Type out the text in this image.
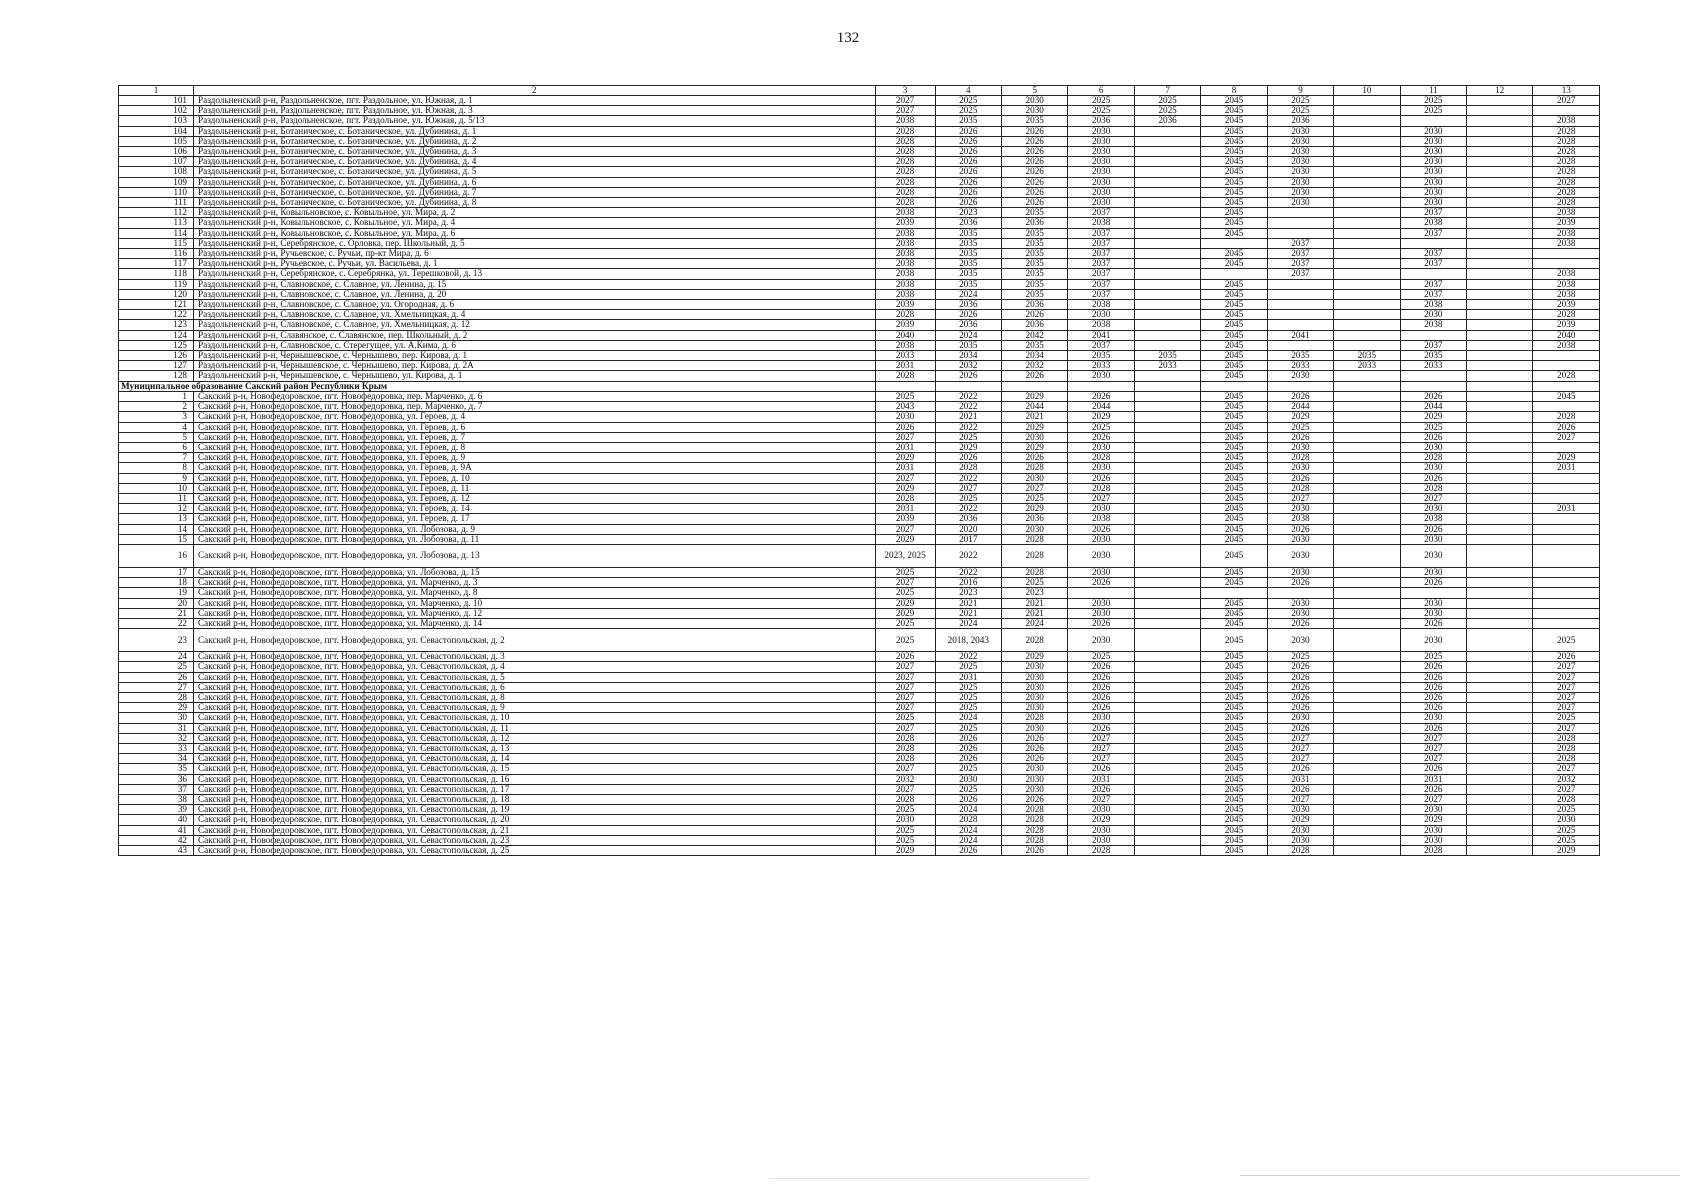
132
1	2	3	4	5	6	7	8	9	10	11	12	13
101	Раздольненский р-н, Раздольненское, пгт. Раздольное, ул. Южная, д. 1	2027	2025	2030	2025	2025	2045	2025		2025		2027
102	Раздольненский р-н, Раздольненское, пгт. Раздольное, ул. Южная, д. 3	2027	2025	2030	2025	2025	2045	2025		2025		
103	Раздольненский р-н, Раздольненское, пгт. Раздольное, ул. Южная, д. 5/13	2038	2035	2035	2036	2036	2045	2036				2038
104	Раздольненский р-н, Ботаническое, с. Ботаническое, ул. Дубинина, д. 1	2028	2026	2026	2030		2045	2030		2030		2028
105	Раздольненский р-н, Ботаническое, с. Ботаническое, ул. Дубинина, д. 2	2028	2026	2026	2030		2045	2030		2030		2028
106	Раздольненский р-н, Ботаническое, с. Ботаническое, ул. Дубинина, д. 3	2028	2026	2026	2030		2045	2030		2030		2028
107	Раздольненский р-н, Ботаническое, с. Ботаническое, ул. Дубинина, д. 4	2028	2026	2026	2030		2045	2030		2030		2028
108	Раздольненский р-н, Ботаническое, с. Ботаническое, ул. Дубинина, д. 5	2028	2026	2026	2030		2045	2030		2030		2028
109	Раздольненский р-н, Ботаническое, с. Ботаническое, ул. Дубинина, д. 6	2028	2026	2026	2030		2045	2030		2030		2028
110	Раздольненский р-н, Ботаническое, с. Ботаническое, ул. Дубинина, д. 7	2028	2026	2026	2030		2045	2030		2030		2028
111	Раздольненский р-н, Ботаническое, с. Ботаническое, ул. Дубинина, д. 8	2028	2026	2026	2030		2045	2030		2030		2028
112	Раздольненский р-н, Ковыльновское, с. Ковыльное, ул. Мира, д. 2	2038	2023	2035	2037		2045			2037		2038
113	Раздольненский р-н, Ковыльновское, с. Ковыльное, ул. Мира, д. 4	2039	2036	2036	2038		2045			2038		2039
114	Раздольненский р-н, Ковыльновское, с. Ковыльное, ул. Мира, д. 6	2038	2035	2035	2037		2045			2037		2038
115	Раздольненский р-н, Серебрянское, с. Орловка, пер. Школьный, д. 5	2038	2035	2035	2037			2037				2038
116	Раздольненский р-н, Ручьевское, с. Ручьи, пр-кт Мира, д. 6	2038	2035	2035	2037		2045	2037		2037		
117	Раздольненский р-н, Ручьевское, с. Ручьи, ул. Васильева, д. 1	2038	2035	2035	2037		2045	2037		2037		
118	Раздольненский р-н, Серебрянское, с. Серебрянка, ул. Терешковой, д. 13	2038	2035	2035	2037			2037				2038
119	Раздольненский р-н, Славновское, с. Славное, ул. Ленина, д. 15	2038	2035	2035	2037		2045			2037		2038
120	Раздольненский р-н, Славновское, с. Славное, ул. Ленина, д. 20	2038	2024	2035	2037		2045			2037		2038
121	Раздольненский р-н, Славновское, с. Славное, ул. Огородная, д. 6	2039	2036	2036	2038		2045			2038		2039
122	Раздольненский р-н, Славновское, с. Славное, ул. Хмельницкая, д. 4	2028	2026	2026	2030		2045			2030		2028
123	Раздольненский р-н, Славновское, с. Славное, ул. Хмельницкая, д. 12	2039	2036	2036	2038		2045			2038		2039
124	Раздольненский р-н, Славянское, с. Славянское, пер. Школьный, д. 2	2040	2024	2042	2041		2045	2041				2040
125	Раздольненский р-н, Славновское, с. Стерегущее, ул. А.Кима, д. 6	2038	2035	2035	2037		2045			2037		2038
126	Раздольненский р-н, Чернышевское, с. Чернышево, пер. Кирова, д. 1	2033	2034	2034	2035	2035	2045	2035	2035	2035		
127	Раздольненский р-н, Чернышевское, с. Чернышево, пер. Кирова, д. 2А	2031	2032	2032	2033	2033	2045	2033	2033	2033		
128	Раздольненский р-н, Чернышевское, с. Чернышево, ул. Кирова, д. 1	2028	2026	2026	2030		2045	2030				2028
Муниципальное образование Сакский район Республики Крым												
1	Сакский р-н, Новофедоровское, пгт. Новофедоровка, пер. Марченко, д. 6	2025	2022	2029	2026		2045	2026		2026		2045
2	Сакский р-н, Новофедоровское, пгт. Новофедоровка, пер. Марченко, д. 7	2043	2022	2044	2044		2045	2044		2044		
3	Сакский р-н, Новофедоровское, пгт. Новофедоровка, ул. Героев, д. 4	2030	2021	2021	2029		2045	2029		2029		2028
4	Сакский р-н, Новофедоровское, пгт. Новофедоровка, ул. Героев, д. 6	2026	2022	2029	2025		2045	2025		2025		2026
5	Сакский р-н, Новофедоровское, пгт. Новофедоровка, ул. Героев, д. 7	2027	2025	2030	2026		2045	2026		2026		2027
6	Сакский р-н, Новофедоровское, пгт. Новофедоровка, ул. Героев, д. 8	2031	2029	2029	2030		2045	2030		2030		
7	Сакский р-н, Новофедоровское, пгт. Новофедоровка, ул. Героев, д. 9	2029	2026	2026	2028		2045	2028		2028		2029
8	Сакский р-н, Новофедоровское, пгт. Новофедоровка, ул. Героев, д. 9А	2031	2028	2028	2030		2045	2030		2030		2031
9	Сакский р-н, Новофедоровское, пгт. Новофедоровка, ул. Героев, д. 10	2027	2022	2030	2026		2045	2026		2026		
10	Сакский р-н, Новофедоровское, пгт. Новофедоровка, ул. Героев, д. 11	2029	2027	2027	2028		2045	2028		2028		
11	Сакский р-н, Новофедоровское, пгт. Новофедоровка, ул. Героев, д. 12	2028	2025	2025	2027		2045	2027		2027		
12	Сакский р-н, Новофедоровское, пгт. Новофедоровка, ул. Героев, д. 14	2031	2022	2029	2030		2045	2030		2030		2031
13	Сакский р-н, Новофедоровское, пгт. Новофедоровка, ул. Героев, д. 17	2039	2036	2036	2038		2045	2038		2038		
14	Сакский р-н, Новофедоровское, пгт. Новофедоровка, ул. Лобозова, д. 9	2027	2020	2030	2026		2045	2026		2026		
15	Сакский р-н, Новофедоровское, пгт. Новофедоровка, ул. Лобозова, д. 11	2029	2017	2028	2030		2045	2030		2030		
16	Сакский р-н, Новофедоровское, пгт. Новофедоровка, ул. Лобозова, д. 13	2023, 2025	2022	2028	2030		2045	2030		2030		
17	Сакский р-н, Новофедоровское, пгт. Новофедоровка, ул. Лобозова, д. 15	2025	2022	2028	2030		2045	2030		2030		
18	Сакский р-н, Новофедоровское, пгт. Новофедоровка, ул. Марченко, д. 3	2027	2016	2025	2026		2045	2026		2026		
19	Сакский р-н, Новофедоровское, пгт. Новофедоровка, ул. Марченко, д. 8	2025	2023	2023								
20	Сакский р-н, Новофедоровское, пгт. Новофедоровка, ул. Марченко, д. 10	2029	2021	2021	2030		2045	2030		2030		
21	Сакский р-н, Новофедоровское, пгт. Новофедоровка, ул. Марченко, д. 12	2029	2021	2021	2030		2045	2030		2030		
22	Сакский р-н, Новофедоровское, пгт. Новофедоровка, ул. Марченко, д. 14	2025	2024	2024	2026		2045	2026		2026		
23	Сакский р-н, Новофедоровское, пгт. Новофедоровка, ул. Севастопольская, д. 2	2025	2018, 2043	2028	2030		2045	2030		2030		2025
24	Сакский р-н, Новофедоровское, пгт. Новофедоровка, ул. Севастопольская, д. 3	2026	2022	2029	2025		2045	2025		2025		2026
25	Сакский р-н, Новофедоровское, пгт. Новофедоровка, ул. Севастопольская, д. 4	2027	2025	2030	2026		2045	2026		2026		2027
26	Сакский р-н, Новофедоровское, пгт. Новофедоровка, ул. Севастопольская, д. 5	2027	2031	2030	2026		2045	2026		2026		2027
27	Сакский р-н, Новофедоровское, пгт. Новофедоровка, ул. Севастопольская, д. 6	2027	2025	2030	2026		2045	2026		2026		2027
28	Сакский р-н, Новофедоровское, пгт. Новофедоровка, ул. Севастопольская, д. 8	2027	2025	2030	2026		2045	2026		2026		2027
29	Сакский р-н, Новофедоровское, пгт. Новофедоровка, ул. Севастопольская, д. 9	2027	2025	2030	2026		2045	2026		2026		2027
30	Сакский р-н, Новофедоровское, пгт. Новофедоровка, ул. Севастопольская, д. 10	2025	2024	2028	2030		2045	2030		2030		2025
31	Сакский р-н, Новофедоровское, пгт. Новофедоровка, ул. Севастопольская, д. 11	2027	2025	2030	2026		2045	2026		2026		2027
32	Сакский р-н, Новофедоровское, пгт. Новофедоровка, ул. Севастопольская, д. 12	2028	2026	2026	2027		2045	2027		2027		2028
33	Сакский р-н, Новофедоровское, пгт. Новофедоровка, ул. Севастопольская, д. 13	2028	2026	2026	2027		2045	2027		2027		2028
34	Сакский р-н, Новофедоровское, пгт. Новофедоровка, ул. Севастопольская, д. 14	2028	2026	2026	2027		2045	2027		2027		2028
35	Сакский р-н, Новофедоровское, пгт. Новофедоровка, ул. Севастопольская, д. 15	2027	2025	2030	2026		2045	2026		2026		2027
36	Сакский р-н, Новофедоровское, пгт. Новофедоровка, ул. Севастопольская, д. 16	2032	2030	2030	2031		2045	2031		2031		2032
37	Сакский р-н, Новофедоровское, пгт. Новофедоровка, ул. Севастопольская, д. 17	2027	2025	2030	2026		2045	2026		2026		2027
38	Сакский р-н, Новофедоровское, пгт. Новофедоровка, ул. Севастопольская, д. 18	2028	2026	2026	2027		2045	2027		2027		2028
39	Сакский р-н, Новофедоровское, пгт. Новофедоровка, ул. Севастопольская, д. 19	2025	2024	2028	2030		2045	2030		2030		2025
40	Сакский р-н, Новофедоровское, пгт. Новофедоровка, ул. Севастопольская, д. 20	2030	2028	2028	2029		2045	2029		2029		2030
41	Сакский р-н, Новофедоровское, пгт. Новофедоровка, ул. Севастопольская, д. 21	2025	2024	2028	2030		2045	2030		2030		2025
42	Сакский р-н, Новофедоровское, пгт. Новофедоровка, ул. Севастопольская, д. 23	2025	2024	2028	2030		2045	2030		2030		2025
43	Сакский р-н, Новофедоровское, пгт. Новофедоровка, ул. Севастопольская, д. 25	2029	2026	2026	2028		2045	2028		2028		2029
